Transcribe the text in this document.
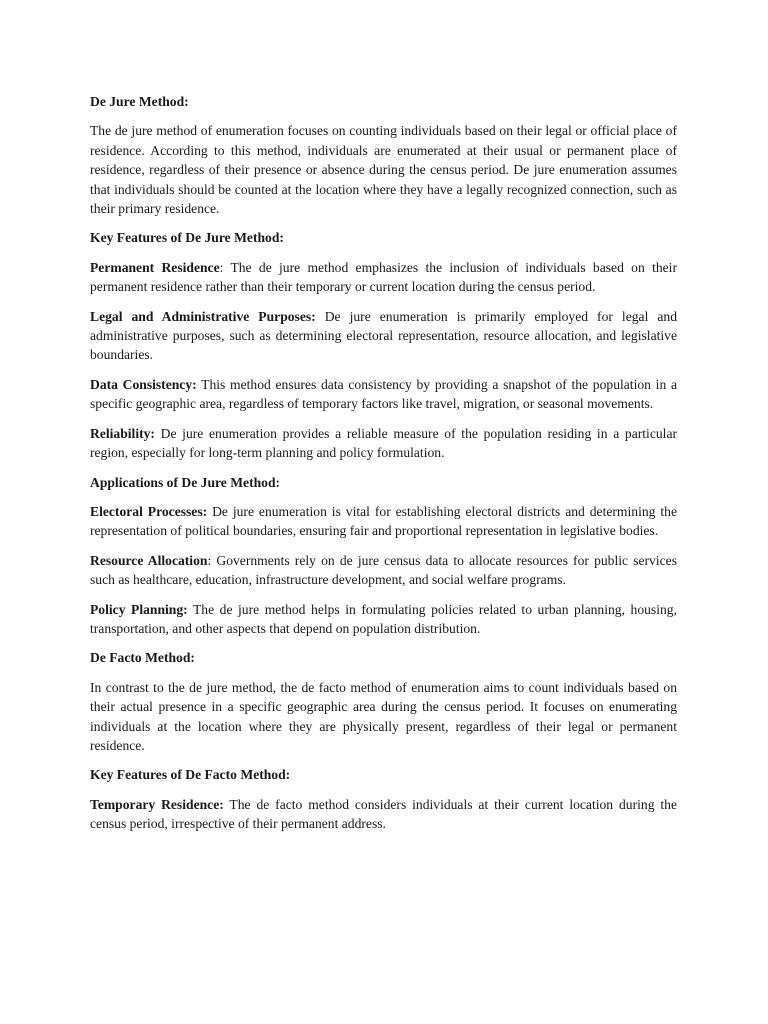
De Jure Method:

The de jure method of enumeration focuses on counting individuals based on their legal or official place of residence. According to this method, individuals are enumerated at their usual or permanent place of residence, regardless of their presence or absence during the census period. De jure enumeration assumes that individuals should be counted at the location where they have a legally recognized connection, such as their primary residence.

Key Features of De Jure Method:

Permanent Residence: The de jure method emphasizes the inclusion of individuals based on their permanent residence rather than their temporary or current location during the census period.

Legal and Administrative Purposes: De jure enumeration is primarily employed for legal and administrative purposes, such as determining electoral representation, resource allocation, and legislative boundaries.

Data Consistency: This method ensures data consistency by providing a snapshot of the population in a specific geographic area, regardless of temporary factors like travel, migration, or seasonal movements.

Reliability: De jure enumeration provides a reliable measure of the population residing in a particular region, especially for long-term planning and policy formulation.

Applications of De Jure Method:

Electoral Processes: De jure enumeration is vital for establishing electoral districts and determining the representation of political boundaries, ensuring fair and proportional representation in legislative bodies.

Resource Allocation: Governments rely on de jure census data to allocate resources for public services such as healthcare, education, infrastructure development, and social welfare programs.

Policy Planning: The de jure method helps in formulating policies related to urban planning, housing, transportation, and other aspects that depend on population distribution.

De Facto Method:

In contrast to the de jure method, the de facto method of enumeration aims to count individuals based on their actual presence in a specific geographic area during the census period. It focuses on enumerating individuals at the location where they are physically present, regardless of their legal or permanent residence.

Key Features of De Facto Method:

Temporary Residence: The de facto method considers individuals at their current location during the census period, irrespective of their permanent address.
